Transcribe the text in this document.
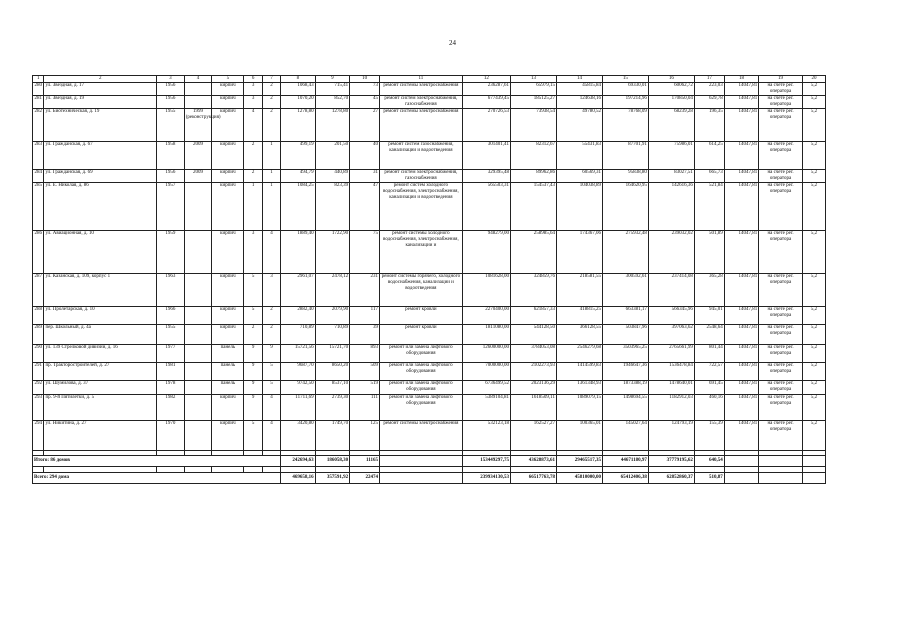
24
1	2	3	4	5	6	7	8	9	10	11	12	13	14	15	16	17	18	19	20
280	ул. Звездная, д. 17	1956		кирпич	3	2	1068,43	715,41	73	ремонт системы электроснабжения	236287,61	65979,15	45815,84	69330,01	60062,72	223,03	14047,81	на счете рег. оператора	5,2
281	ул. Звездная, д. 19	1956		кирпич	3	2	1070,20	852,70	45	ремонт систем электроснабжения, газоснабжения	677439,45	185125,27	124638,16	197214,96	170850,04	629,78	14047,81	на счете рег. оператора	5,2
282	ул. Биотехническая, д. 19	1955	1999 (реконструкция)	кирпич	4	2	1278,80	1278,80	27	ремонт системы электроснабжения	270726,53	73938,54	49780,52	78768,09	68239,28	196,35	14047,81	на счете рег. оператора	5,2
283	ул. Гражданская, д. 67	1958	2009	кирпич	2	1	499,19	201,50	40	ремонт систем газоснабжения, канализации и водоотведения	301401,41	82312,67	55431,83	87701,91	75986,01	614,25	14047,81	на счете рег. оператора	5,2
284	ул. Гражданская, д. 69	1956	2009	кирпич	2	1	494,79	440,89	31	ремонт систем электроснабжения, газоснабжения	329395,48	89962,86	60569,31	95838,80	83027,51	665,73	14047,81	на счете рег. оператора	5,2
285	ул. Е. Николая, д. 86	1957		кирпич	1	1	1084,25	823,39	47	ремонт систем холодного водоснабжения, электроснабжения, канализации и водоотведения	565503,31	154537,43	104038,89	164620,95	142616,36	521,84	14047,81	на счете рег. оператора	5,2
286	ул. Авиационная, д. 10	1959		кирпич	3	4	1889,40	1722,90	75	ремонт системы холодного водоснабжения, электроснабжения, канализации и	948279,00	258985,64	174367,06	275932,48	239032,02	501,89	14047,81	на счете рег. оператора	5,2
287	ул. Казанская, д. 109, корпус 1	1963		кирпич	5	3	2961,07	2478,12	231	ремонт системы горячего, холодного водоснабжения, канализации и водоотведения	1081628,00	324859,76	218581,55	300592,61	237414,08	365,28	14047,81	на счете рег. оператора	5,2
288	ул. Пролетарская, д. 10	1966		кирпич	5	2	2882,40	2079,90	117	ремонт кровли	2270400,00	621857,33	418815,25	663381,17	566345,96	945,01	14047,81	на счете рег. оператора	5,2
289	пер. Школьный, д. 4а	1955		кирпич	2	2	710,89	710,89	39	ремонт кровли	1811080,00	544128,50	366128,55	503847,96	397063,62	2548,64	14047,81	на счете рег. оператора	5,2
290	ул. 139 Стрелковой дивизии, д. 16	1977		панель	9	9	15721,56	15721,70	893	ремонт или замена лифтового оборудования	12600000,00	3784053,08	2546279,68	3503965,25	2765661,99	801,44	14047,81	на счете рег. оператора	5,2
291	пр. Тракторостроителей, д. 27	1981		панель	9	5	9687,70	8650,20	509	ремонт или замена лифтового оборудования	7000000,00	2102273,93	1414599,83	1946647,36	1536478,84	722,57	14047,81	на счете рег. оператора	5,2
292	ул. Шумилова, д. 37	1978		панель	9	5	9742,50	8537,10	519	ремонт или замена лифтового оборудования	6736499,52	2023136,29	1361348,93	1873388,19	1478640,01	691,45	14047,81	на счете рег. оператора	5,2
293	пр. 9-й Пятилетки, д. 5	1982		кирпич	9	4	11711,69	2739,30	111	ремонт или замена лифтового оборудования	5389104,81	1618509,11	1089079,15	1498694,55	1182912,03	460,16	14047,81	на счете рег. оператора	5,2
294	ул. Никитина, д. 27	1970		кирпич	5	4	3420,80	1749,70	125	ремонт системы электроснабжения	532123,18	162527,27	100365,01	145027,64	124793,19	155,39	14047,81	на счете рег. оператора	5,2

Итого: 86 домов							242694,63	186058,30	11165		153449297,75	43628873,61	29465517,35	44671180,97	37779195,62	640,54			

Всего: 294 дома							469658,16	357591,92	22474		239934130,53	66517763,78	45810000,00	65412406,38	62852860,37	510,87			
